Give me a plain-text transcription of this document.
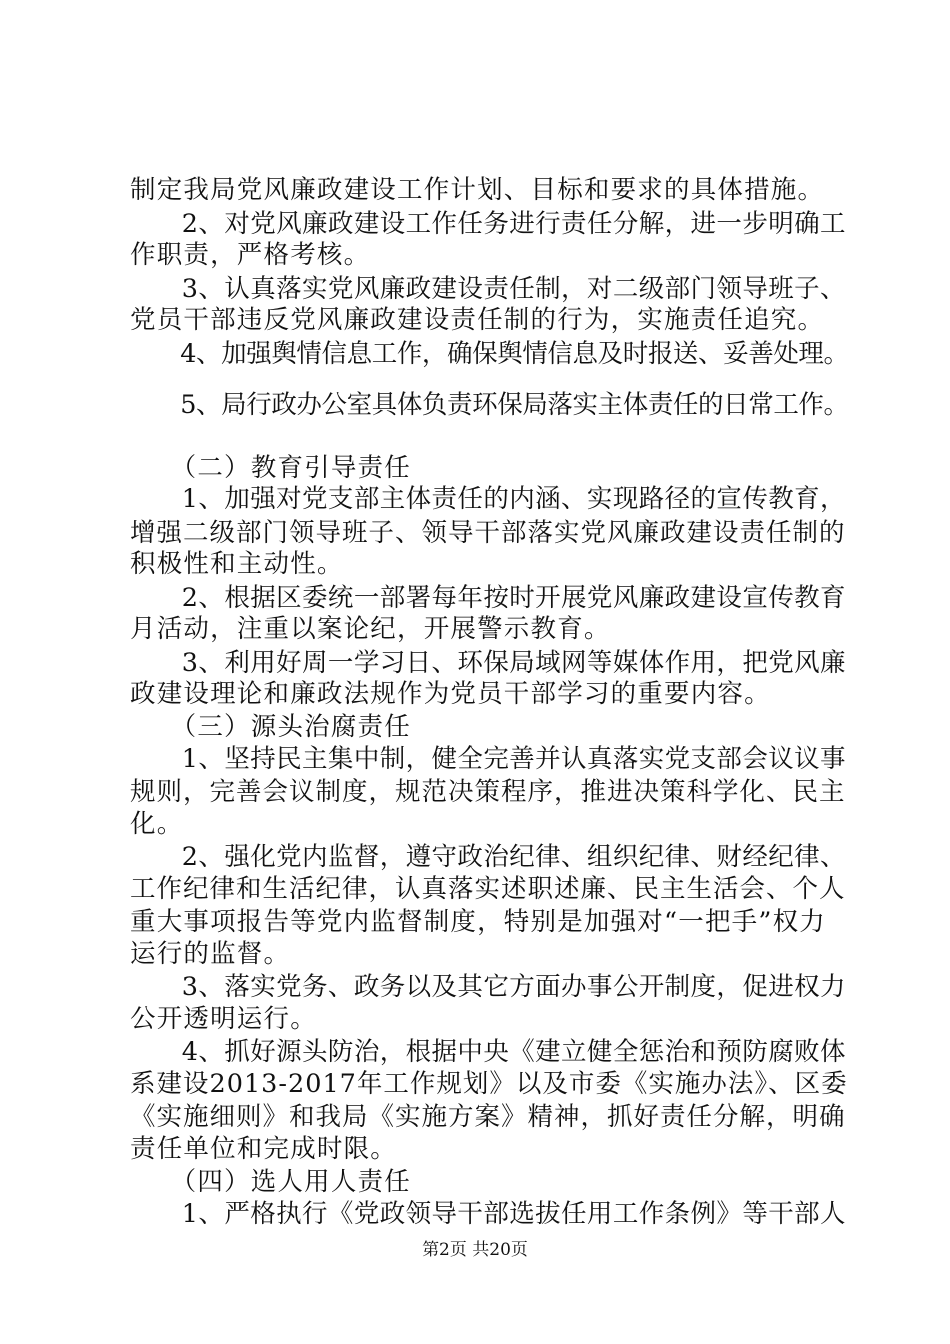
制定我局党风廉政建设工作计划、目标和要求的具体措施。
　　2、对党风廉政建设工作任务进行责任分解，进一步明确工
作职责，严格考核。
　　3、认真落实党风廉政建设责任制，对二级部门领导班子、
党员干部违反党风廉政建设责任制的行为，实施责任追究。
　　4、加强舆情信息工作，确保舆情信息及时报送、妥善处理。
　　5、局行政办公室具体负责环保局落实主体责任的日常工作。
　　（二）教育引导责任
　　1、加强对党支部主体责任的内涵、实现路径的宣传教育，
增强二级部门领导班子、领导干部落实党风廉政建设责任制的
积极性和主动性。
　　2、根据区委统一部署每年按时开展党风廉政建设宣传教育
月活动，注重以案论纪，开展警示教育。
　　3、利用好周一学习日、环保局域网等媒体作用，把党风廉
政建设理论和廉政法规作为党员干部学习的重要内容。
　　（三）源头治腐责任
　　1、坚持民主集中制，健全完善并认真落实党支部会议议事
规则，完善会议制度，规范决策程序，推进决策科学化、民主
化。
　　2、强化党内监督，遵守政治纪律、组织纪律、财经纪律、
工作纪律和生活纪律，认真落实述职述廉、民主生活会、个人
重大事项报告等党内监督制度，特别是加强对“一把手”权力
运行的监督。
　　3、落实党务、政务以及其它方面办事公开制度，促进权力
公开透明运行。
　　4、抓好源头防治，根据中央《建立健全惩治和预防腐败体
系建设2013-2017年工作规划》以及市委《实施办法》、区委
《实施细则》和我局《实施方案》精神，抓好责任分解，明确
责任单位和完成时限。
　　（四）选人用人责任
　　1、严格执行《党政领导干部选拔任用工作条例》等干部人
第2页 共20页
